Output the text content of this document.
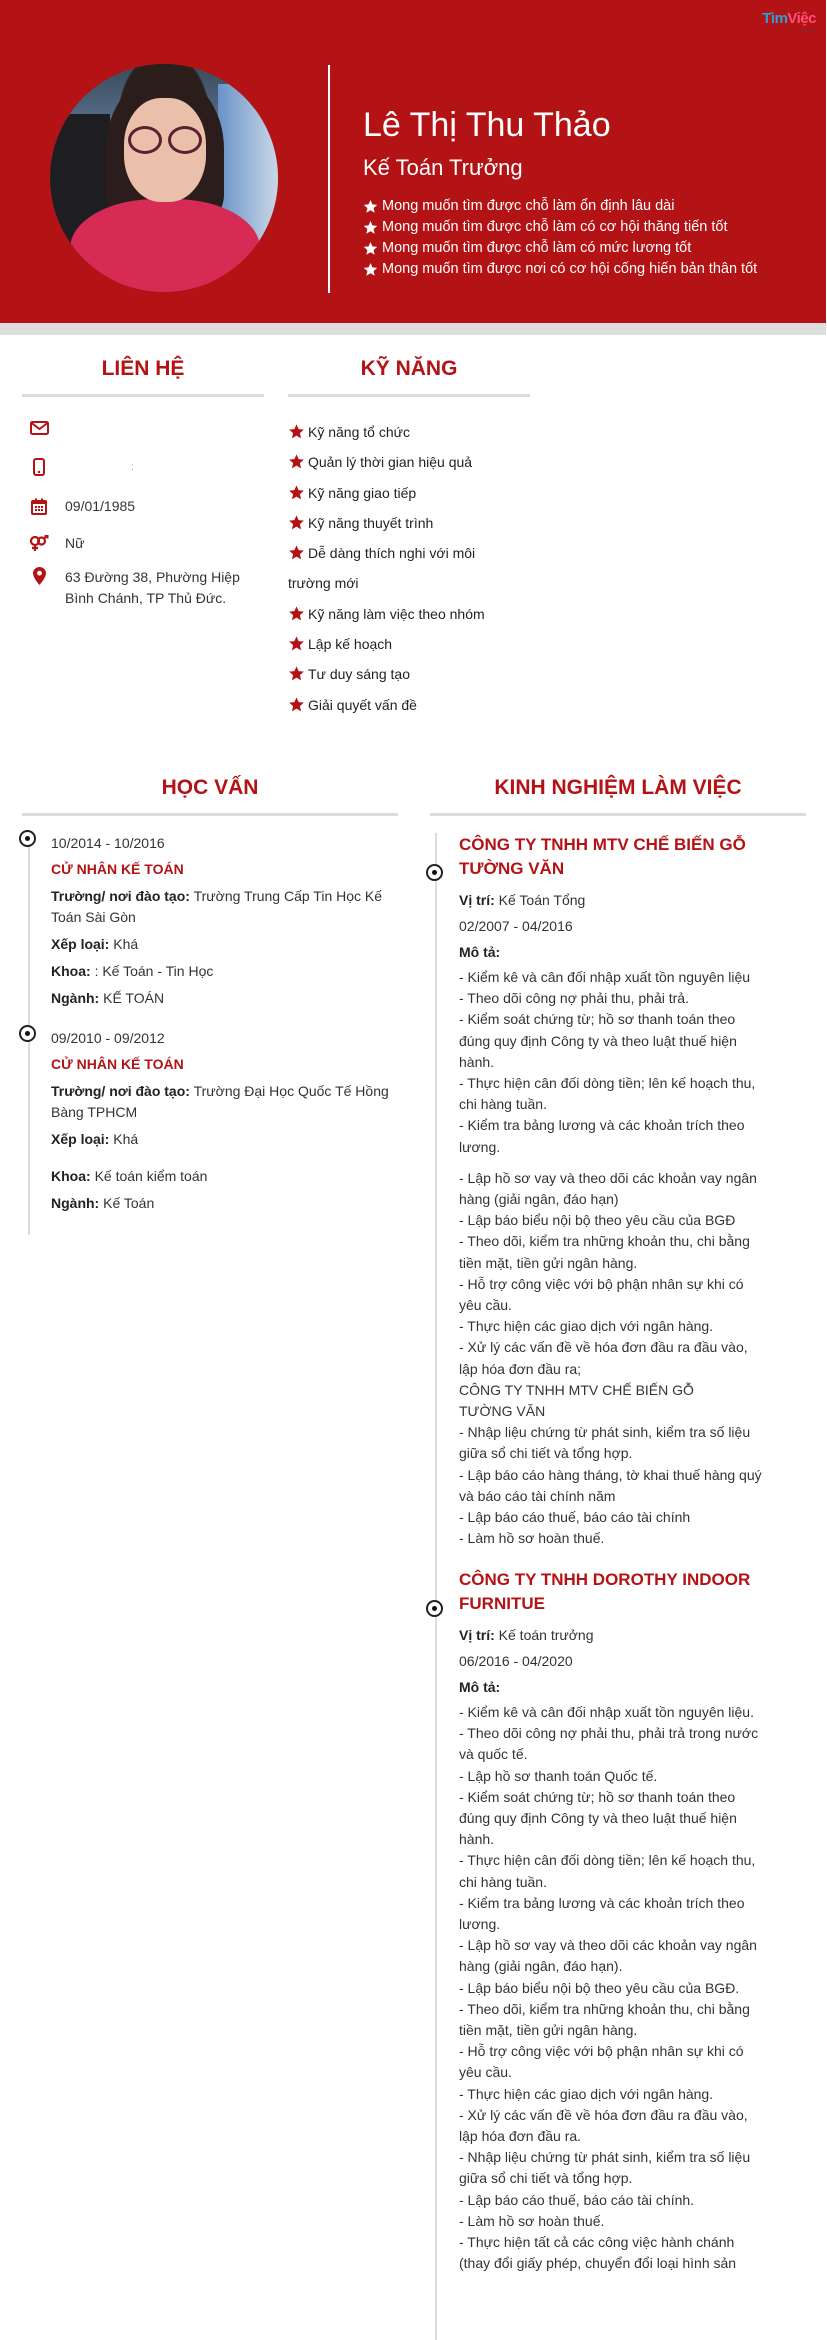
TìmViệc
.com.vn
Lê Thị Thu Thảo
Kế Toán Trưởng
Mong muốn tìm được chỗ làm ổn định lâu dài
Mong muốn tìm được chỗ làm có cơ hội thăng tiến tốt
Mong muốn tìm được chỗ làm có mức lương tốt
Mong muốn tìm được nơi có cơ hội cống hiến bản thân tốt
LIÊN HỆ
:
09/01/1985
Nữ
63 Đường 38, Phường Hiệp Bình Chánh, TP Thủ Đức.
KỸ NĂNG
Kỹ năng tổ chức
Quản lý thời gian hiệu quả
Kỹ năng giao tiếp
Kỹ năng thuyết trình
Dễ dàng thích nghi với môi trường mới
Kỹ năng làm việc theo nhóm
Lập kế hoạch
Tư duy sáng tạo
Giải quyết vấn đề
HỌC VẤN
10/2014 - 10/2016
CỬ NHÂN KẾ TOÁN
Trường/ nơi đào tạo: Trường Trung Cấp Tin Học Kế Toán Sài Gòn
Xếp loại: Khá
Khoa: : Kế Toán - Tin Học
Ngành: KẾ TOÁN
09/2010 - 09/2012
CỬ NHÂN KẾ TOÁN
Trường/ nơi đào tạo: Trường Đại Học Quốc Tế Hồng Bàng TPHCM
Xếp loại: Khá
Khoa: Kế toán kiểm toán
Ngành: Kế Toán
KINH NGHIỆM LÀM VIỆC
CÔNG TY TNHH MTV CHẾ BIẾN GỖ TƯỜNG VĂN
Vị trí: Kế Toán Tổng
02/2007 - 04/2016
Mô tả:
- Kiểm kê và cân đối nhập xuất tồn nguyên liệu
- Theo dõi công nợ phải thu, phải trả.
- Kiểm soát chứng từ; hồ sơ thanh toán theo đúng quy định Công ty và theo luật thuế hiện hành.
- Thực hiện cân đối dòng tiền; lên kế hoạch thu, chi hàng tuần.
- Kiểm tra bảng lương và các khoản trích theo lương.
- Lập hồ sơ vay và theo dõi các khoản vay ngân hàng (giải ngân, đáo hạn)
- Lập báo biểu nội bộ theo yêu cầu của BGĐ
- Theo dõi, kiểm tra những khoản thu, chi bằng tiền mặt, tiền gửi ngân hàng.
- Hỗ trợ công việc với bộ phận nhân sự khi có yêu cầu.
- Thực hiện các giao dịch với ngân hàng.
- Xử lý các vấn đề về hóa đơn đầu ra đầu vào, lập hóa đơn đầu ra;
CÔNG TY TNHH MTV CHẾ BIẾN GỖ TƯỜNG VĂN
- Nhập liệu chứng từ phát sinh, kiểm tra số liệu giữa sổ chi tiết và tổng hợp.
- Lập báo cáo hàng tháng, tờ khai thuế hàng quý và báo cáo tài chính năm
- Lập báo cáo thuế, báo cáo tài chính
- Làm hồ sơ hoàn thuế.
CÔNG TY TNHH DOROTHY INDOOR FURNITUE
Vị trí: Kế toán trưởng
06/2016 - 04/2020
Mô tả:
- Kiểm kê và cân đối nhập xuất tồn nguyên liệu.
- Theo dõi công nợ phải thu, phải trả trong nước và quốc tế.
- Lập hồ sơ thanh toán Quốc tế.
- Kiểm soát chứng từ; hồ sơ thanh toán theo đúng quy định Công ty và theo luật thuế hiện hành.
- Thực hiện cân đối dòng tiền; lên kế hoạch thu, chi hàng tuần.
- Kiểm tra bảng lương và các khoản trích theo lương.
- Lập hồ sơ vay và theo dõi các khoản vay ngân hàng (giải ngân, đáo hạn).
- Lập báo biểu nội bộ theo yêu cầu của BGĐ.
- Theo dõi, kiểm tra những khoản thu, chi bằng tiền mặt, tiền gửi ngân hàng.
- Hỗ trợ công việc với bộ phận nhân sự khi có yêu cầu.
- Thực hiện các giao dịch với ngân hàng.
- Xử lý các vấn đề về hóa đơn đầu ra đầu vào, lập hóa đơn đầu ra.
- Nhập liệu chứng từ phát sinh, kiểm tra số liệu giữa sổ chi tiết và tổng hợp.
- Lập báo cáo thuế, báo cáo tài chính.
- Làm hồ sơ hoàn thuế.
- Thực hiện tất cả các công việc hành chánh (thay đổi giấy phép, chuyển đổi loại hình sản
